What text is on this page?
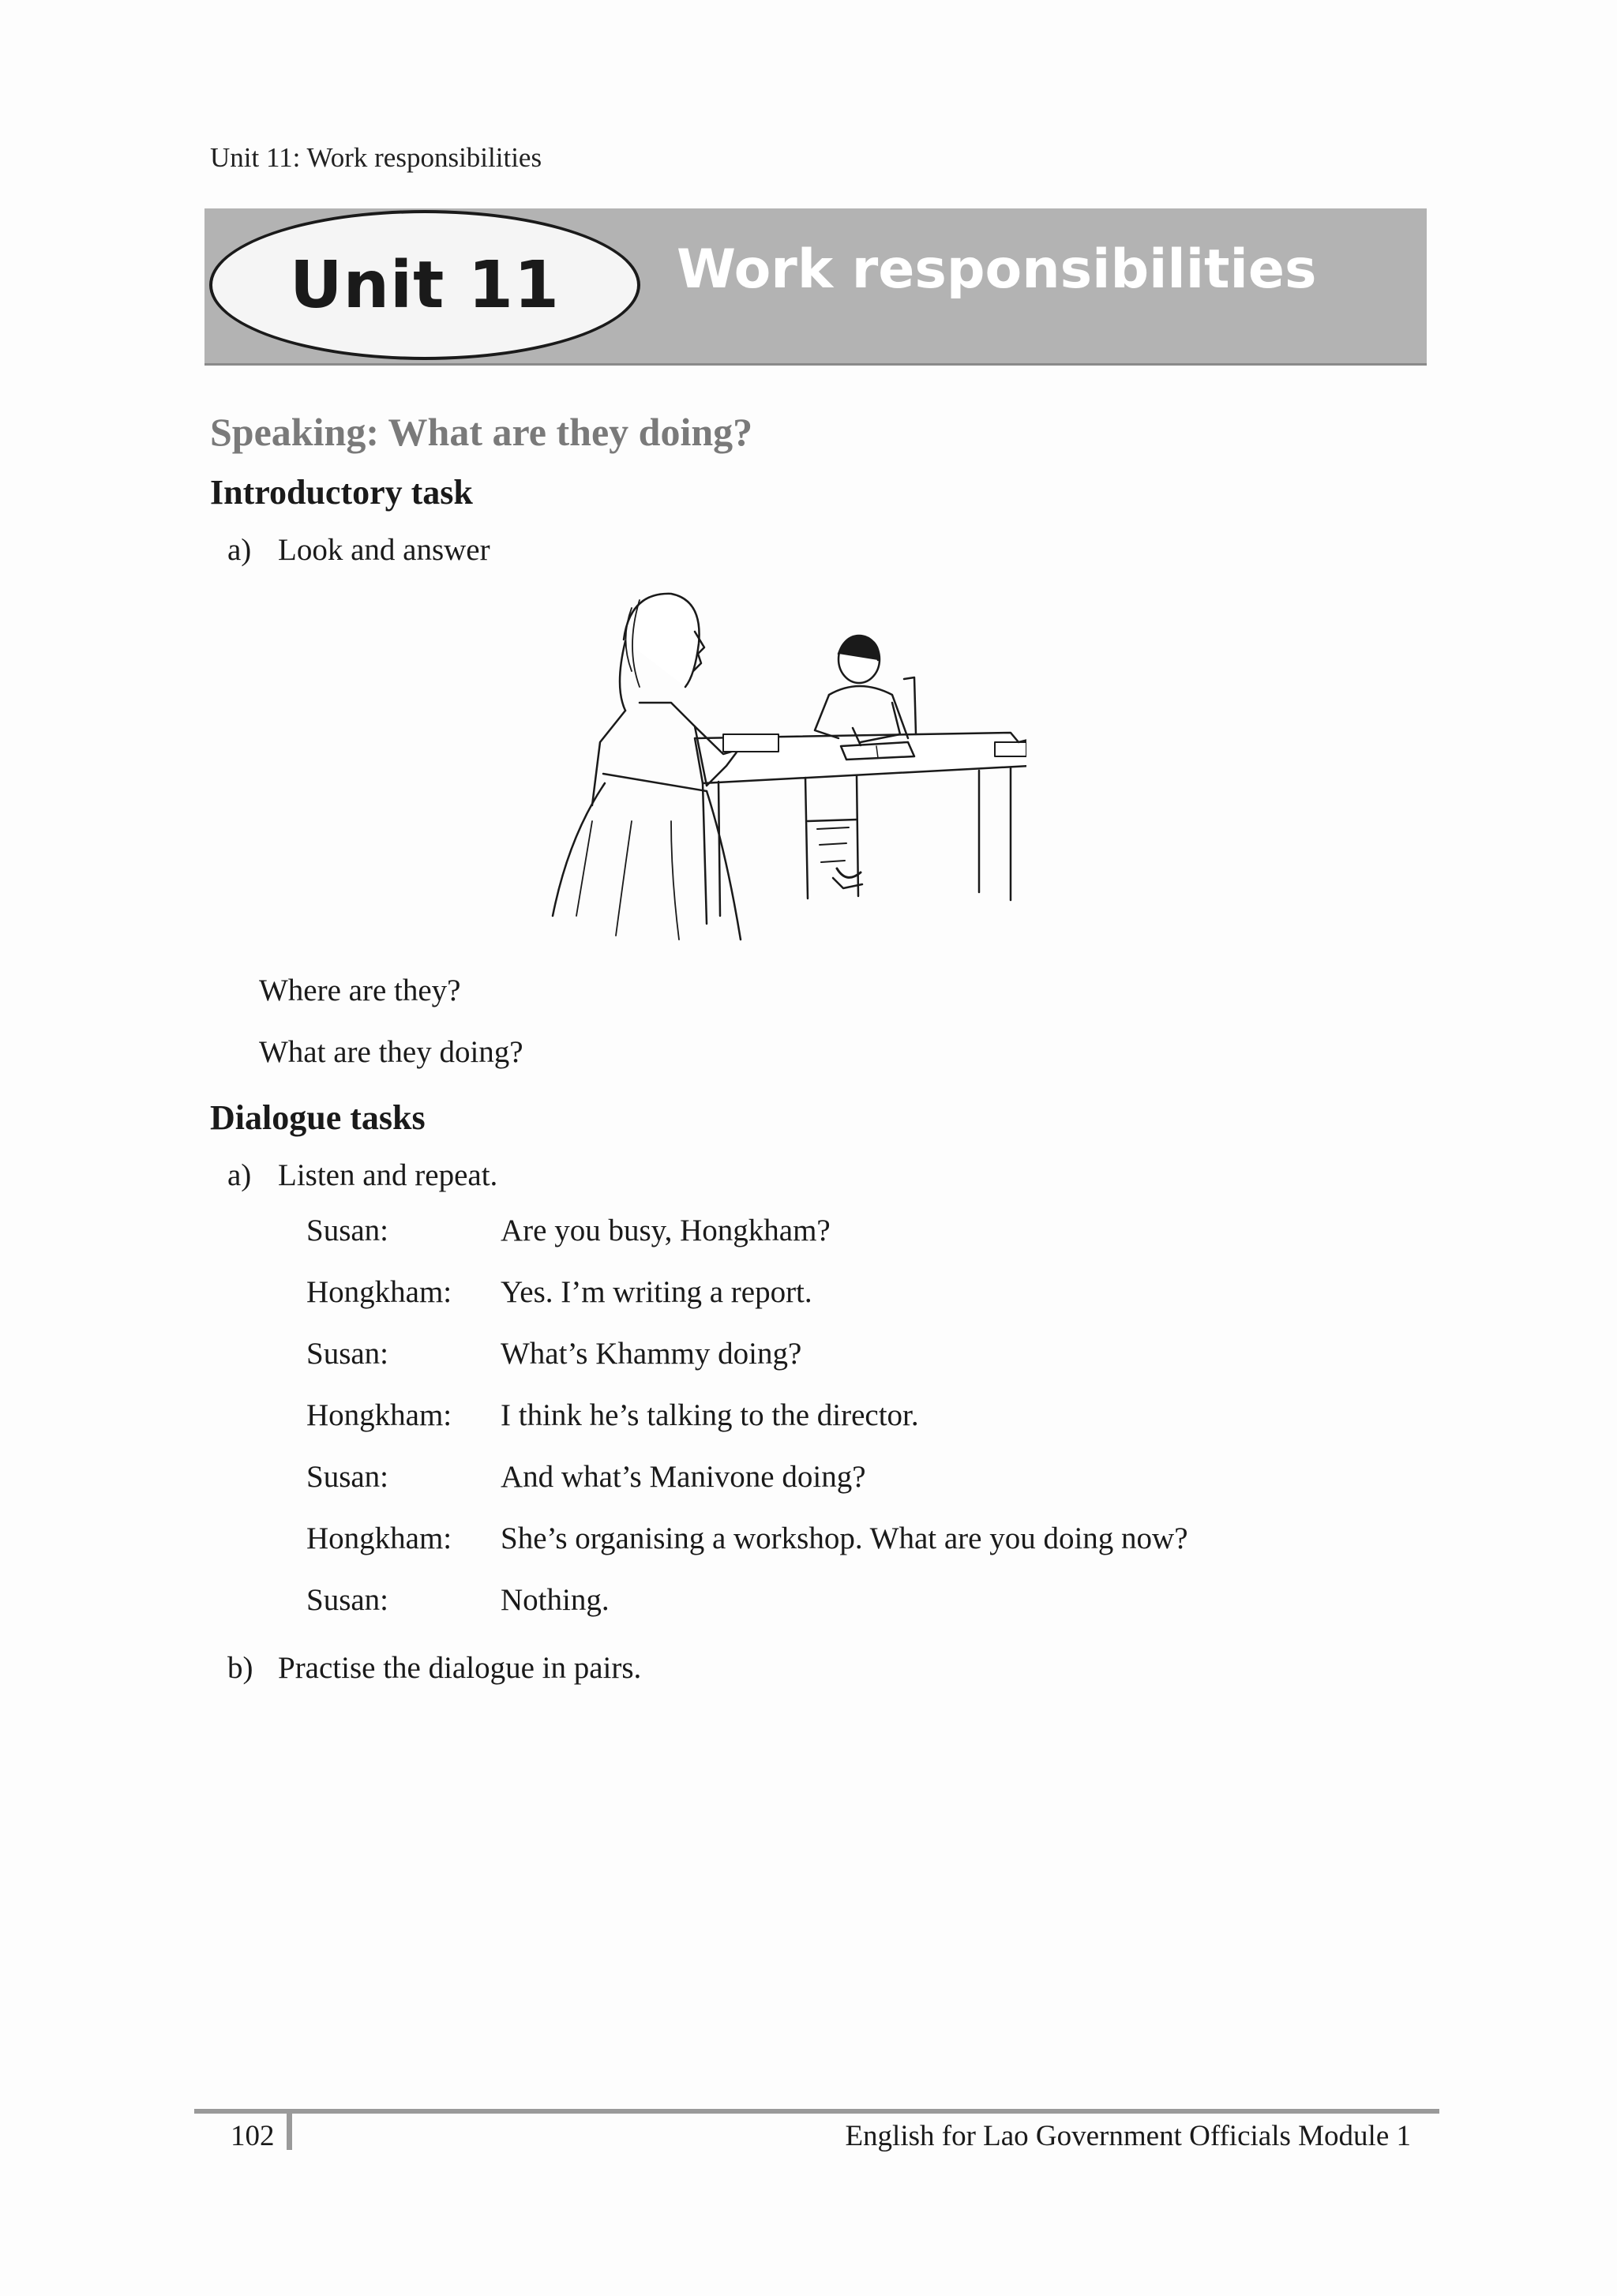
Unit 11: Work responsibilities
Unit 11 Work responsibilities
Speaking: What are they doing?
Introductory task
a) Look and answer
Where are they?
What are they doing?
Dialogue tasks
a) Listen and repeat.
Susan:	Are you busy, Hongkham?
Hongkham:	Yes. I’m writing a report.
Susan:	What’s Khammy doing?
Hongkham:	I think he’s talking to the director.
Susan:	And what’s Manivone doing?
Hongkham:	She’s organising a workshop. What are you doing now?
Susan:	Nothing.
b) Practise the dialogue in pairs.
102	English for Lao Government Officials Module 1
